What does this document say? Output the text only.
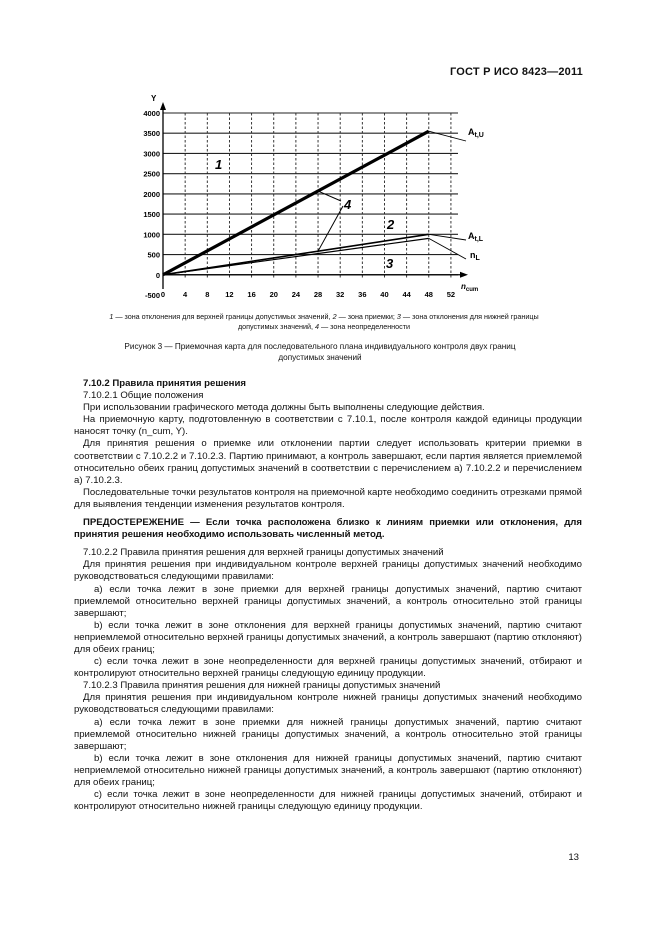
ГОСТ Р ИСО 8423—2011
4000
3500
3000
2500
2000
1500
1000
500
0
-500 0 4 8 12 16 20 24 28 32 36 40 44 48 52
Y
$n_{cum}$
1
2
3
4
$A_{t,U}$
$A_{t,L}$
$n_L$
1 — зона отклонения для верхней границы допустимых значений, 2 — зона приемки; 3 — зона отклонения для нижней границы
допустимых значений, 4 — зона неопределенности
Рисунок 3 — Приемочная карта для последовательного плана индивидуального контроля двух границ
допустимых значений

7.10.2 Правила принятия решения

7.10.2.1 Общие положения

При использовании графического метода должны быть выполнены следующие действия.

На приемочную карту, подготовленную в соответствии с 7.10.1, после контроля каждой единицы продукции наносят точку (n_cum, Y).

Для принятия решения о приемке или отклонении партии следует использовать критерии приемки в соответствии с 7.10.2.2 и 7.10.2.3. Партию принимают, а контроль завершают, если партия является приемлемой относительно обеих границ допустимых значений в соответствии с перечислением a) 7.10.2.2 и перечислением a) 7.10.2.3.

Последовательные точки результатов контроля на приемочной карте необходимо соединить отрезками прямой для выявления тенденции изменения результатов контроля.

ПРЕДОСТЕРЕЖЕНИЕ — Если точка расположена близко к линиям приемки или отклонения, для принятия решения необходимо использовать численный метод.

7.10.2.2 Правила принятия решения для верхней границы допустимых значений

Для принятия решения при индивидуальном контроле верхней границы допустимых значений необходимо руководствоваться следующими правилами:

a) если точка лежит в зоне приемки для верхней границы допустимых значений, партию считают приемлемой относительно верхней границы допустимых значений, а контроль относительно этой границы завершают;

b) если точка лежит в зоне отклонения для верхней границы допустимых значений, партию считают неприемлемой относительно верхней границы допустимых значений, а контроль завершают (партию отклоняют) для обеих границ;

c) если точка лежит в зоне неопределенности для верхней границы допустимых значений, отбирают и контролируют относительно верхней границы следующую единицу продукции.

7.10.2.3 Правила принятия решения для нижней границы допустимых значений

Для принятия решения при индивидуальном контроле нижней границы допустимых значений необходимо руководствоваться следующими правилами:

a) если точка лежит в зоне приемки для нижней границы допустимых значений, партию считают приемлемой относительно нижней границы допустимых значений, а контроль относительно этой границы завершают;

b) если точка лежит в зоне отклонения для нижней границы допустимых значений, партию считают неприемлемой относительно нижней границы допустимых значений, а контроль завершают (партию отклоняют) для обеих границ;

c) если точка лежит в зоне неопределенности для нижней границы допустимых значений, отбирают и контролируют относительно нижней границы следующую единицу продукции.

13
